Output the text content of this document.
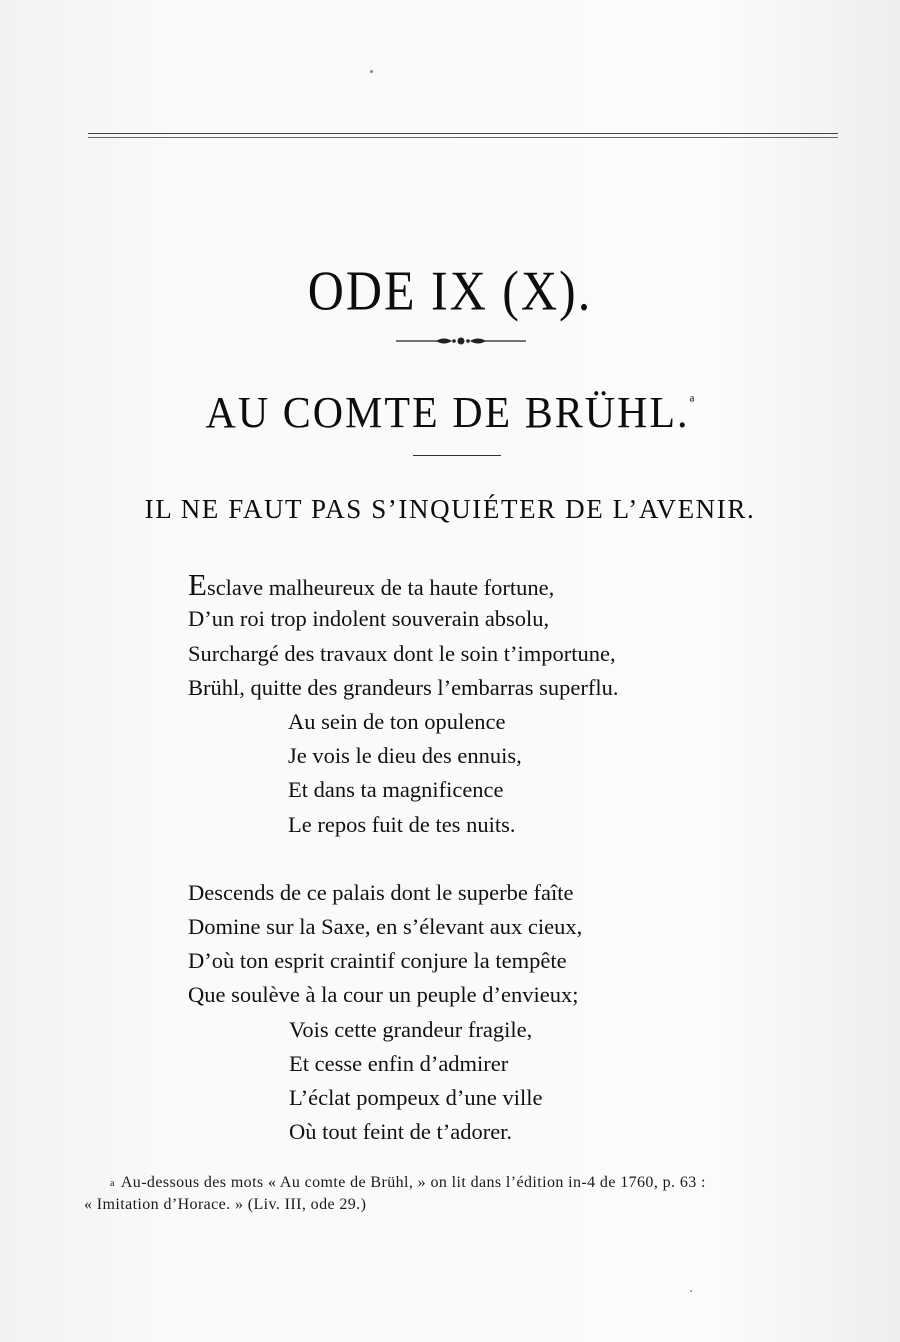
ODE IX (X).
AU COMTE DE BRÜHL.$^a$
IL NE FAUT PAS S’INQUIÉTER DE L’AVENIR.
Esclave malheureux de ta haute fortune,
D’un roi trop indolent souverain absolu,
Surchargé des travaux dont le soin t’importune,
Brühl, quitte des grandeurs l’embarras superflu.
Au sein de ton opulence
Je vois le dieu des ennuis,
Et dans ta magnificence
Le repos fuit de tes nuits.
Descends de ce palais dont le superbe faîte
Domine sur la Saxe, en s’élevant aux cieux,
D’où ton esprit craintif conjure la tempête
Que soulève à la cour un peuple d’envieux;
Vois cette grandeur fragile,
Et cesse enfin d’admirer
L’éclat pompeux d’une ville
Où tout feint de t’adorer.
$^a$ Au-dessous des mots « Au comte de Brühl, » on lit dans l’édition in-4 de 1760, p. 63 :
« Imitation d’Horace. » (Liv. III, ode 29.)
